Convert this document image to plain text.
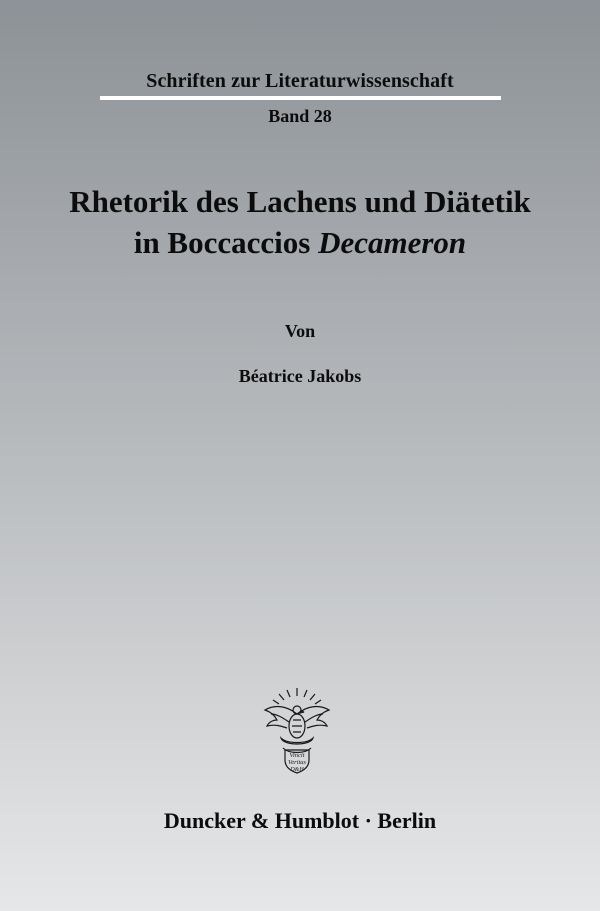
Schriften zur Literaturwissenschaft
Band 28
Rhetorik des Lachens und Diätetik
in Boccaccios Decameron
Von
Béatrice Jakobs
Vincit
Veritas
D&H
Duncker & Humblot · Berlin
